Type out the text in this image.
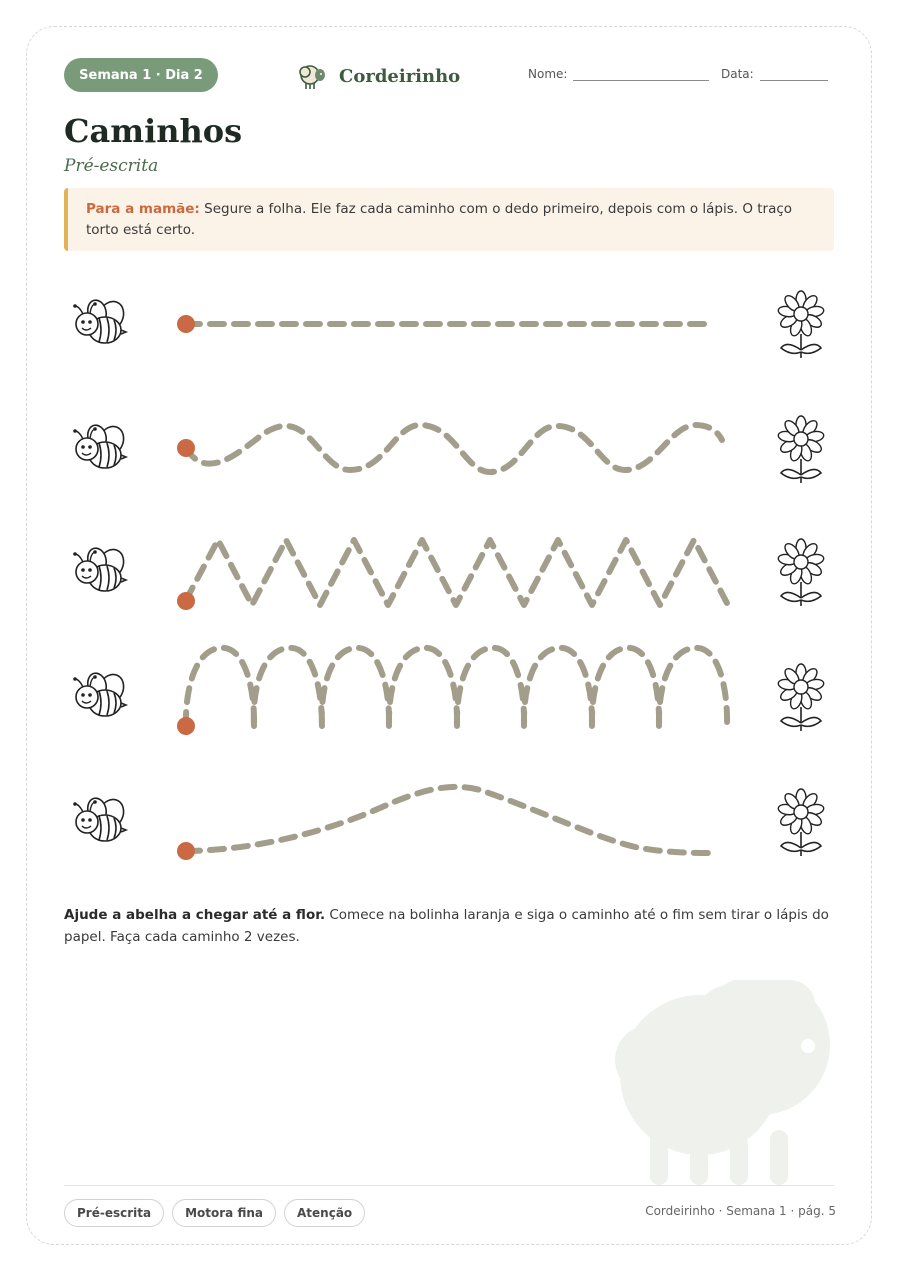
Semana 1 · Dia 2	Cordeirinho	Nome:	Data:
Caminhos
Pré-escrita
Para a mamãe: Segure a folha. Ele faz cada caminho com o dedo primeiro, depois com o lápis. O traço torto está certo.
Ajude a abelha a chegar até a flor. Comece na bolinha laranja e siga o caminho até o fim sem tirar o lápis do papel. Faça cada caminho 2 vezes.
Pré-escrita	Motora fina	Atenção	Cordeirinho · Semana 1 · pág. 5
